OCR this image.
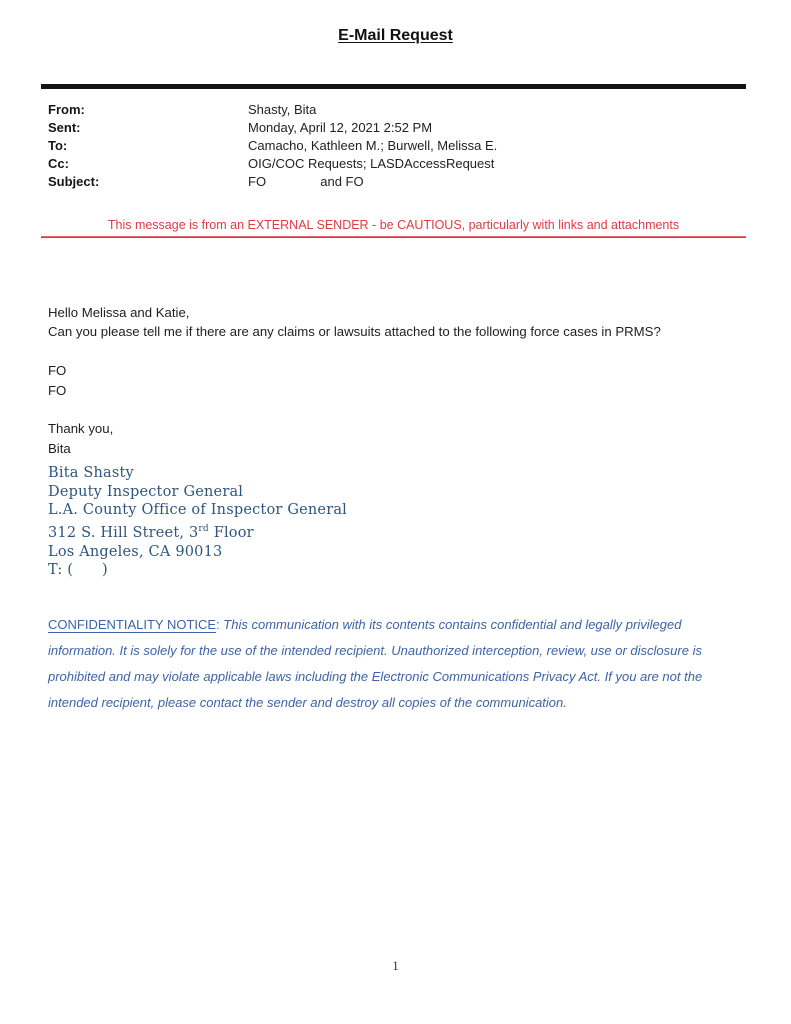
E-Mail Request
From:	Shasty, Bita
Sent:	Monday, April 12, 2021 2:52 PM
To:	Camacho, Kathleen M.; Burwell, Melissa E.
Cc:	OIG/COC Requests; LASDAccessRequest
Subject:	FO               and FO
This message is from an EXTERNAL SENDER - be CAUTIOUS, particularly with links and attachments
Hello Melissa and Katie,
Can you please tell me if there are any claims or lawsuits attached to the following force cases in PRMS?
FO
FO
Thank you,
Bita
Bita Shasty
Deputy Inspector General
L.A. County Office of Inspector General
312 S. Hill Street, 3rd Floor
Los Angeles, CA 90013
T: (      )
CONFIDENTIALITY NOTICE: This communication with its contents contains confidential and legally privileged information. It is solely for the use of the intended recipient. Unauthorized interception, review, use or disclosure is prohibited and may violate applicable laws including the Electronic Communications Privacy Act. If you are not the intended recipient, please contact the sender and destroy all copies of the communication.
1
